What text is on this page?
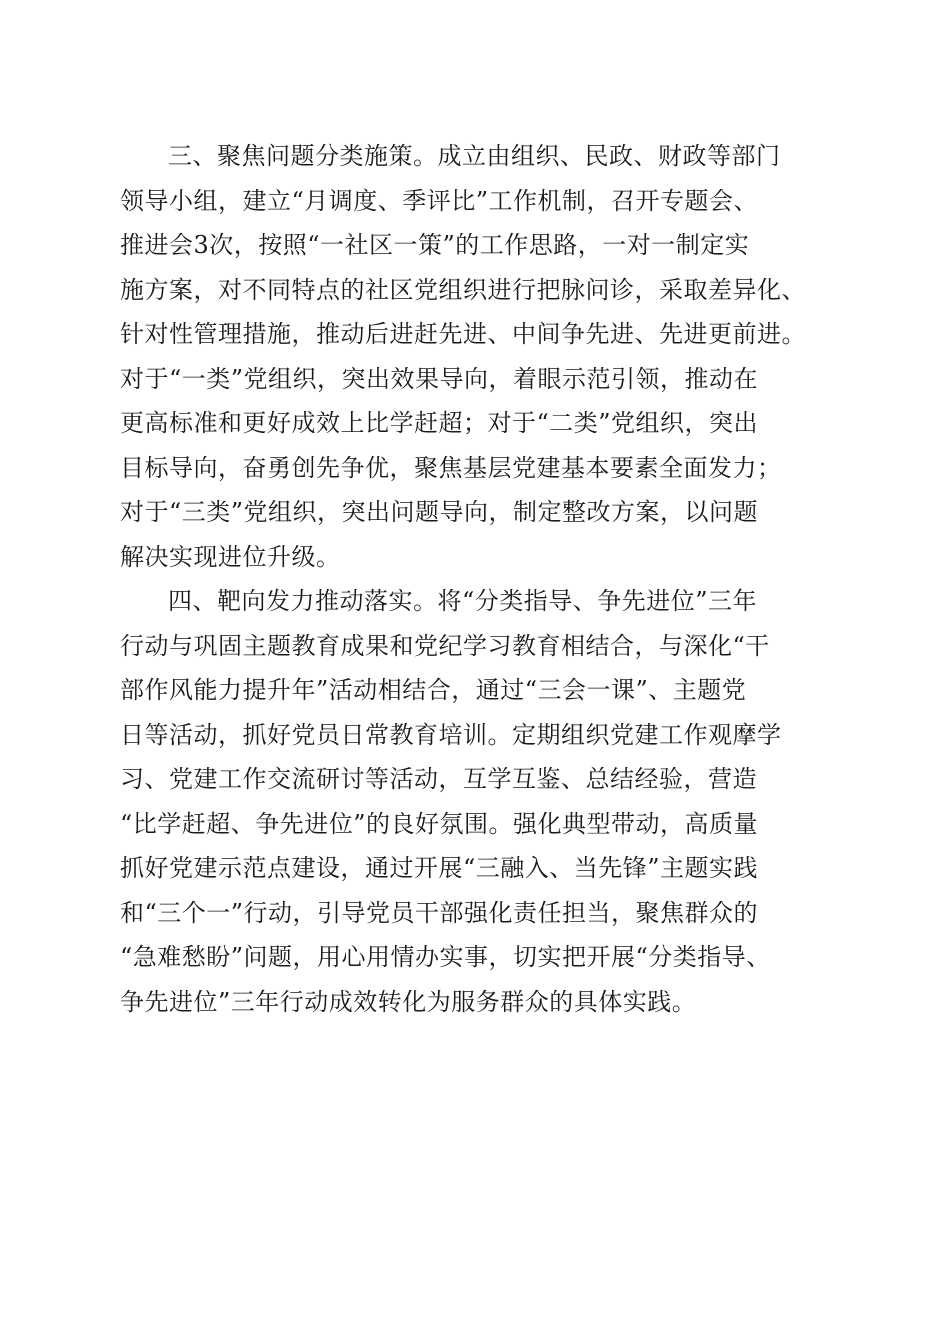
三、聚焦问题分类施策。成立由组织、民政、财政等部门
领导小组，建立“月调度、季评比”工作机制，召开专题会、
推进会3次，按照“一社区一策”的工作思路，一对一制定实
施方案，对不同特点的社区党组织进行把脉问诊，采取差异化、
针对性管理措施，推动后进赶先进、中间争先进、先进更前进。
对于“一类”党组织，突出效果导向，着眼示范引领，推动在
更高标准和更好成效上比学赶超；对于“二类”党组织，突出
目标导向，奋勇创先争优，聚焦基层党建基本要素全面发力；
对于“三类”党组织，突出问题导向，制定整改方案，以问题
解决实现进位升级。
四、靶向发力推动落实。将“分类指导、争先进位”三年
行动与巩固主题教育成果和党纪学习教育相结合，与深化“干
部作风能力提升年”活动相结合，通过“三会一课”、主题党
日等活动，抓好党员日常教育培训。定期组织党建工作观摩学
习、党建工作交流研讨等活动，互学互鉴、总结经验，营造
“比学赶超、争先进位”的良好氛围。强化典型带动，高质量
抓好党建示范点建设，通过开展“三融入、当先锋”主题实践
和“三个一”行动，引导党员干部强化责任担当，聚焦群众的
“急难愁盼”问题，用心用情办实事，切实把开展“分类指导、
争先进位”三年行动成效转化为服务群众的具体实践。
